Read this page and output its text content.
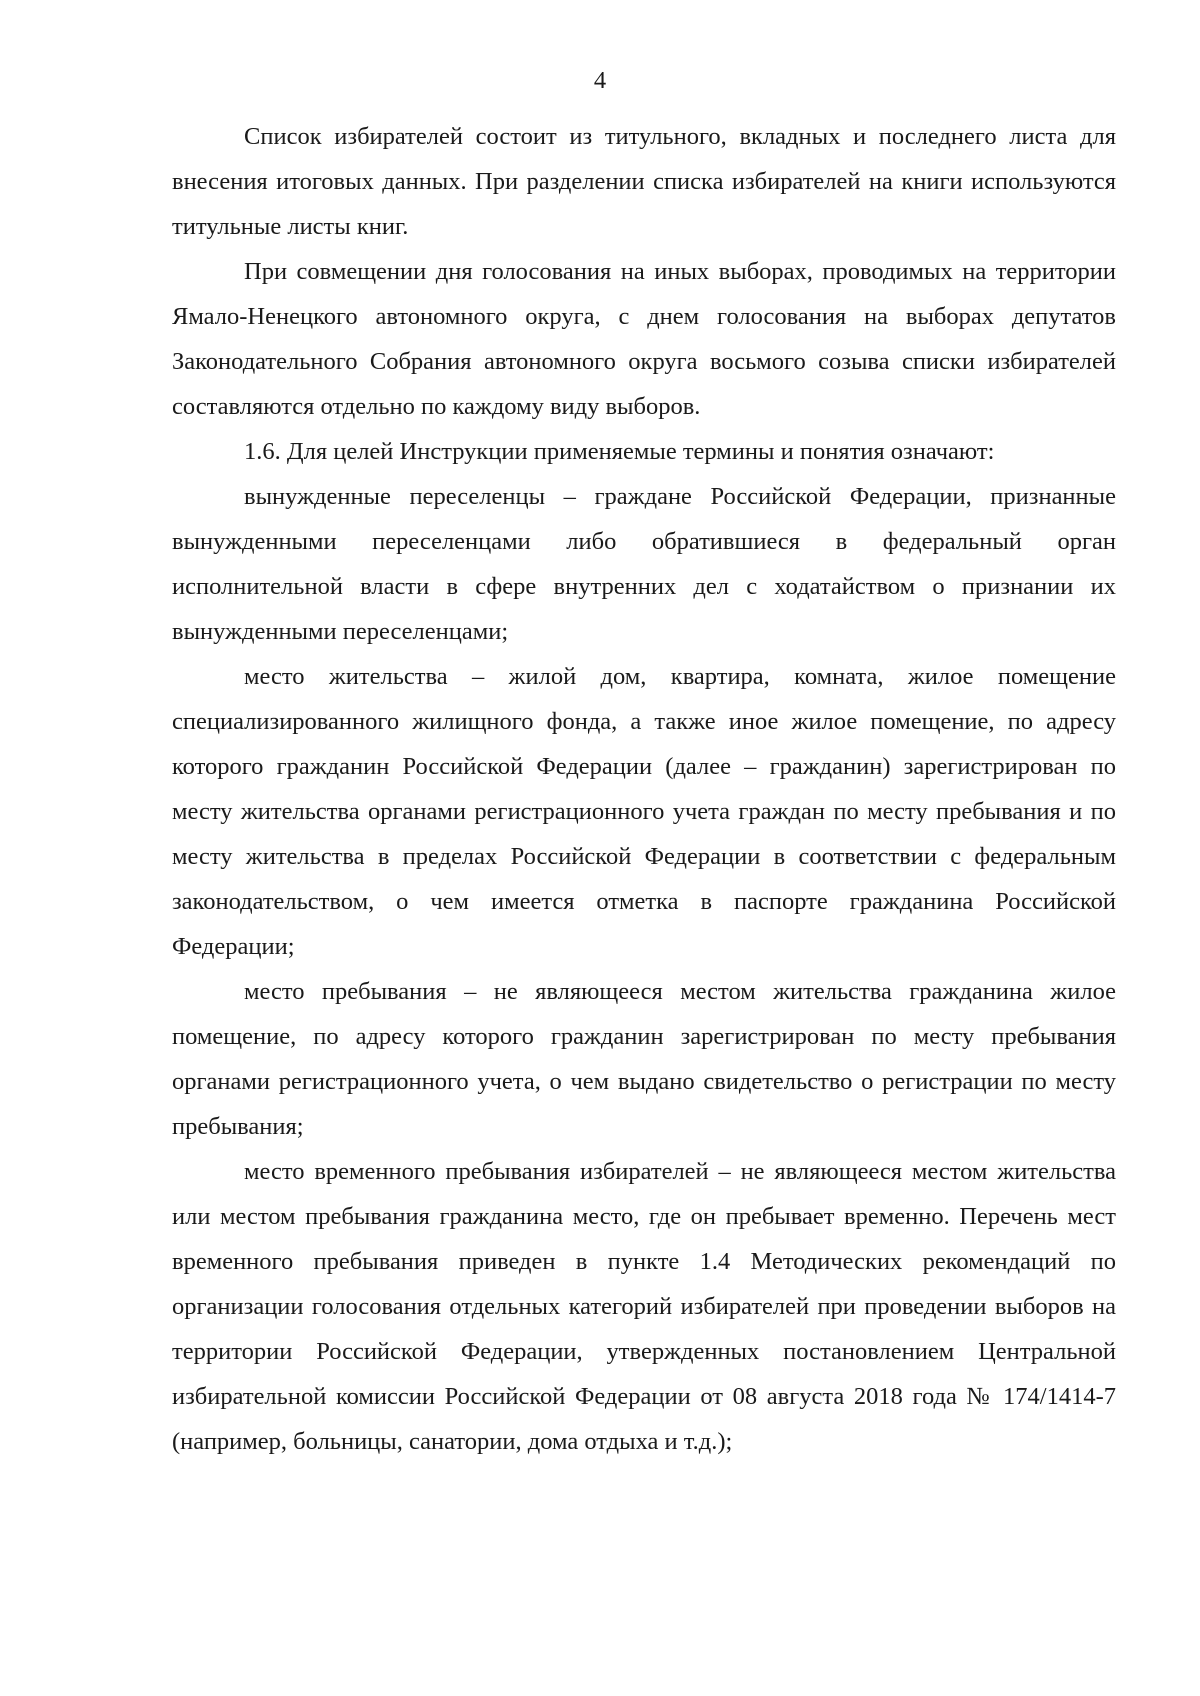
4

Список избирателей состоит из титульного, вкладных и последнего листа для внесения итоговых данных. При разделении списка избирателей на книги используются титульные листы книг.

При совмещении дня голосования на иных выборах, проводимых на территории Ямало-Ненецкого автономного округа, с днем голосования на выборах депутатов Законодательного Собрания автономного округа восьмого созыва списки избирателей составляются отдельно по каждому виду выборов.

1.6. Для целей Инструкции применяемые термины и понятия означают:

вынужденные переселенцы – граждане Российской Федерации, признанные вынужденными переселенцами либо обратившиеся в федеральный орган исполнительной власти в сфере внутренних дел с ходатайством о признании их вынужденными переселенцами;

место жительства – жилой дом, квартира, комната, жилое помещение специализированного жилищного фонда, а также иное жилое помещение, по адресу которого гражданин Российской Федерации (далее – гражданин) зарегистрирован по месту жительства органами регистрационного учета граждан по месту пребывания и по месту жительства в пределах Российской Федерации в соответствии с федеральным законодательством, о чем имеется отметка в паспорте гражданина Российской Федерации;

место пребывания – не являющееся местом жительства гражданина жилое помещение, по адресу которого гражданин зарегистрирован по месту пребывания органами регистрационного учета, о чем выдано свидетельство о регистрации по месту пребывания;

место временного пребывания избирателей – не являющееся местом жительства или местом пребывания гражданина место, где он пребывает временно. Перечень мест временного пребывания приведен в пункте 1.4 Методических рекомендаций по организации голосования отдельных категорий избирателей при проведении выборов на территории Российской Федерации, утвержденных постановлением Центральной избирательной комиссии Российской Федерации от 08 августа 2018 года № 174/1414-7 (например, больницы, санатории, дома отдыха и т.д.);
